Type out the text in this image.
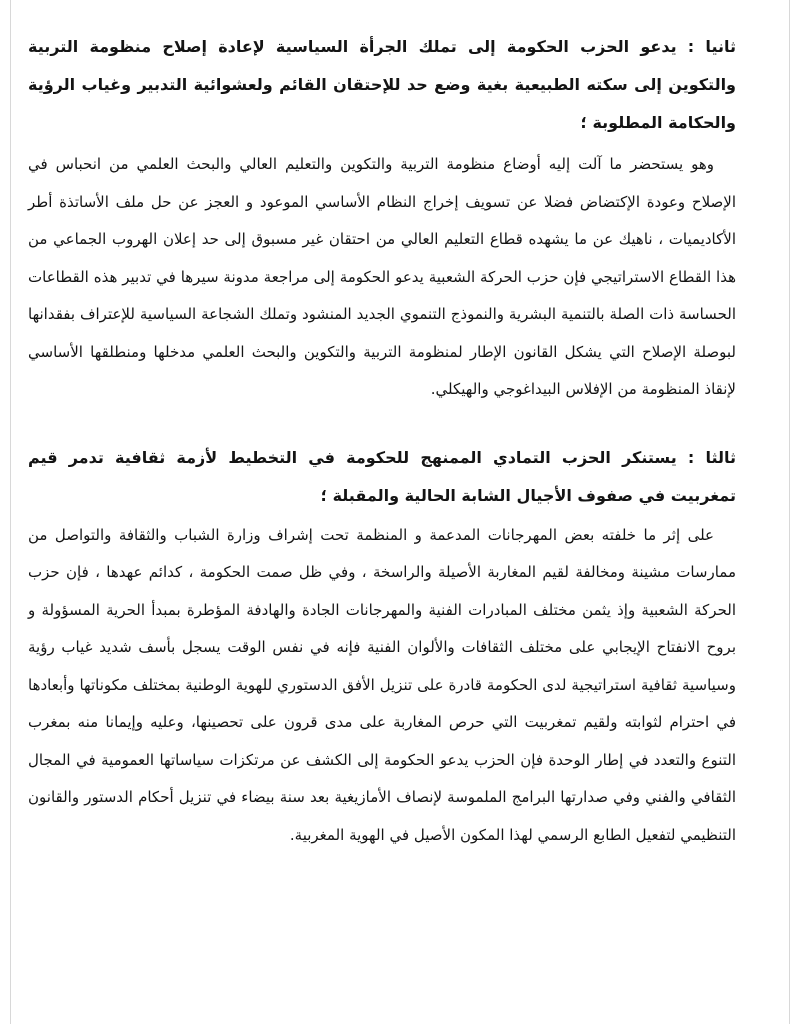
ثانيا : يدعو الحزب الحكومة إلى تملك الجرأة السياسية لإعادة إصلاح منظومة التربية والتكوين إلى سكته الطبيعية بغية وضع حد للإحتقان القائم ولعشوائية التدبير وغياب الرؤية والحكامة المطلوبة ؛

وهو يستحضر ما آلت إليه أوضاع منظومة التربية والتكوين والتعليم العالي والبحث العلمي من انحباس في الإصلاح وعودة الإكتضاض فضلا عن تسويف إخراج النظام الأساسي الموعود و العجز عن حل ملف الأساتذة أطر الأكاديميات ، ناهيك عن ما يشهده قطاع التعليم العالي من احتقان غير مسبوق إلى حد إعلان الهروب الجماعي من هذا القطاع الاستراتيجي فإن حزب الحركة الشعبية يدعو الحكومة إلى مراجعة مدونة سيرها في تدبير هذه القطاعات الحساسة ذات الصلة بالتنمية البشرية والنموذج التنموي الجديد المنشود وتملك الشجاعة السياسية للإعتراف بفقدانها لبوصلة الإصلاح التي يشكل القانون الإطار لمنظومة التربية والتكوين والبحث العلمي مدخلها ومنطلقها الأساسي لإنقاذ المنظومة من الإفلاس البيداغوجي والهيكلي.

ثالثا : يستنكر الحزب التمادي الممنهج للحكومة في التخطيط لأزمة ثقافية تدمر قيم تمغربيت في صفوف الأجيال الشابة الحالية والمقبلة ؛

على إثر ما خلفته بعض المهرجانات المدعمة و المنظمة تحت إشراف وزارة الشباب والثقافة والتواصل من ممارسات مشينة ومخالفة لقيم المغاربة الأصيلة والراسخة ، وفي ظل صمت الحكومة ، كدائم عهدها ، فإن حزب الحركة الشعبية وإذ يثمن مختلف المبادرات الفنية والمهرجانات الجادة والهادفة المؤطرة بمبدأ الحرية المسؤولة و بروح الانفتاح الإيجابي على مختلف الثقافات والألوان الفنية فإنه في نفس الوقت يسجل بأسف شديد غياب رؤية وسياسية ثقافية استراتيجية لدى الحكومة قادرة على تنزيل الأفق الدستوري للهوية الوطنية بمختلف مكوناتها وأبعادها في احترام لثوابته ولقيم تمغربيت التي حرص المغاربة على مدى قرون على تحصينها، وعليه وإيمانا منه بمغرب التنوع والتعدد في إطار الوحدة فإن الحزب يدعو الحكومة إلى الكشف عن مرتكزات سياساتها العمومية في المجال الثقافي والفني وفي صدارتها البرامج الملموسة لإنصاف الأمازيغية بعد سنة بيضاء في تنزيل أحكام الدستور والقانون التنظيمي لتفعيل الطابع الرسمي لهذا المكون الأصيل في الهوية المغربية.
